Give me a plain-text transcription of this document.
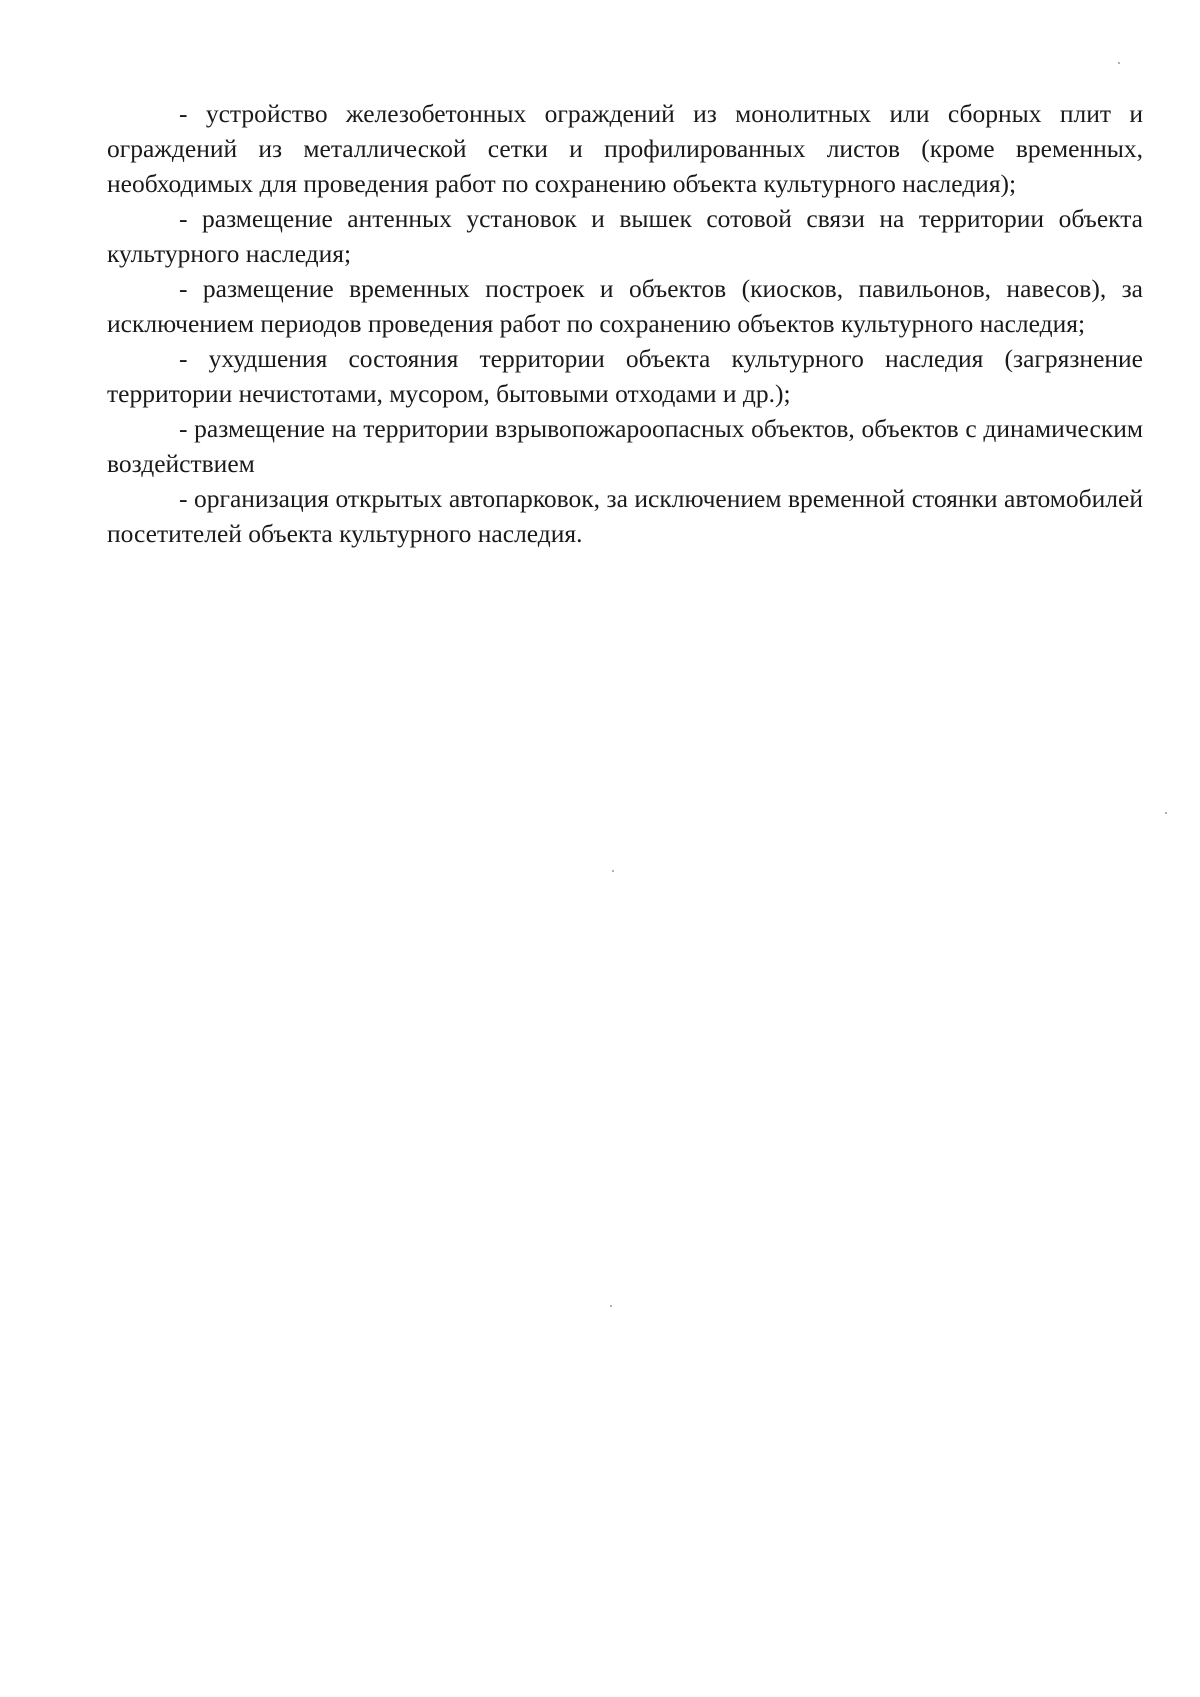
- устройство железобетонных ограждений из монолитных или сборных плит и ограждений из металлической сетки и профилированных листов (кроме временных, необходимых для проведения работ по сохранению объекта культурного наследия);

- размещение антенных установок и вышек сотовой связи на территории объекта культурного наследия;

- размещение временных построек и объектов (киосков, павильонов, навесов), за исключением периодов проведения работ по сохранению объектов культурного наследия;

- ухудшения состояния территории объекта культурного наследия (загрязнение территории нечистотами, мусором, бытовыми отходами и др.);

- размещение на территории взрывопожароопасных объектов, объектов с динамическим воздействием

- организация открытых автопарковок, за исключением временной стоянки автомобилей посетителей объекта культурного наследия.
